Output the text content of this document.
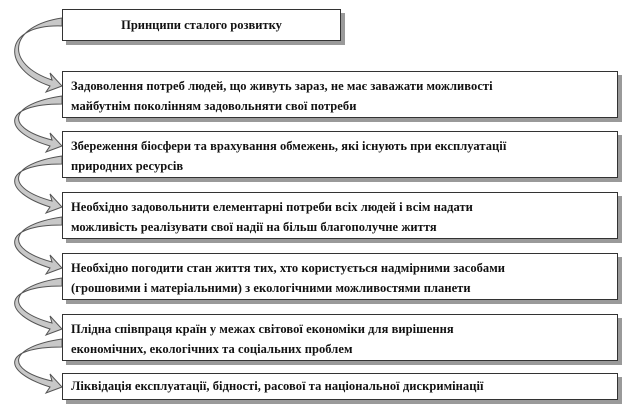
Принципи сталого розвитку
Задоволення потреб людей, що живуть зараз, не має заважати можливості
майбутнім поколінням задовольняти свої потреби
Збереження біосфери та врахування обмежень, які існують при експлуатації
природних ресурсів
Необхідно задовольнити елементарні потреби всіх людей і всім надати
можливість реалізувати свої надії на більш благополучне життя
Необхідно погодити стан життя тих, хто користується надмірними засобами
(грошовими і матеріальними) з екологічними можливостями планети
Плідна співпраця країн у межах світової економіки для вирішення
економічних, екологічних та соціальних проблем
Ліквідація експлуатації, бідності, расової та національної дискримінації
